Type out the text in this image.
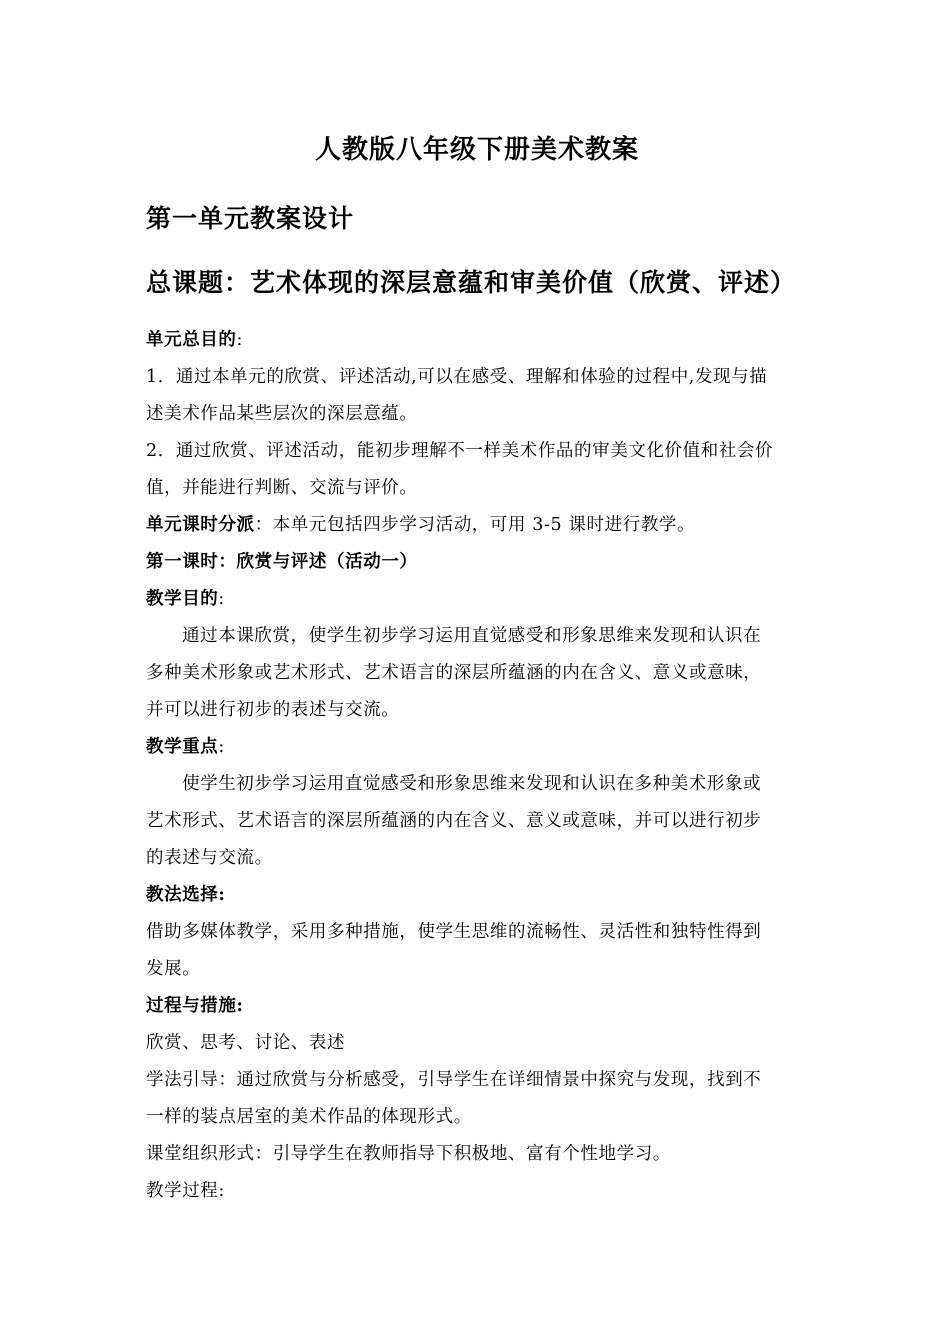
人教版八年级下册美术教案
第一单元教案设计
总课题：艺术体现的深层意蕴和审美价值（欣赏、评述）

单元总目的:

1．通过本单元的欣赏、评述活动,可以在感受、理解和体验的过程中,发现与描

述美术作品某些层次的深层意蕴。

2．通过欣赏、评述活动，能初步理解不一样美术作品的审美文化价值和社会价

值，并能进行判断、交流与评价。

单元课时分派：本单元包括四步学习活动，可用 3-5 课时进行教学。

第一课时：欣赏与评述（活动一）

教学目的:

通过本课欣赏，使学生初步学习运用直觉感受和形象思维来发现和认识在

多种美术形象或艺术形式、艺术语言的深层所蕴涵的内在含义、意义或意味，

并可以进行初步的表述与交流。

教学重点:

使学生初步学习运用直觉感受和形象思维来发现和认识在多种美术形象或

艺术形式、艺术语言的深层所蕴涵的内在含义、意义或意味，并可以进行初步

的表述与交流。

教法选择:

借助多媒体教学，采用多种措施，使学生思维的流畅性、灵活性和独特性得到

发展。

过程与措施:

欣赏、思考、讨论、表述

学法引导：通过欣赏与分析感受，引导学生在详细情景中探究与发现，找到不

一样的装点居室的美术作品的体现形式。

课堂组织形式：引导学生在教师指导下积极地、富有个性地学习。

教学过程:
